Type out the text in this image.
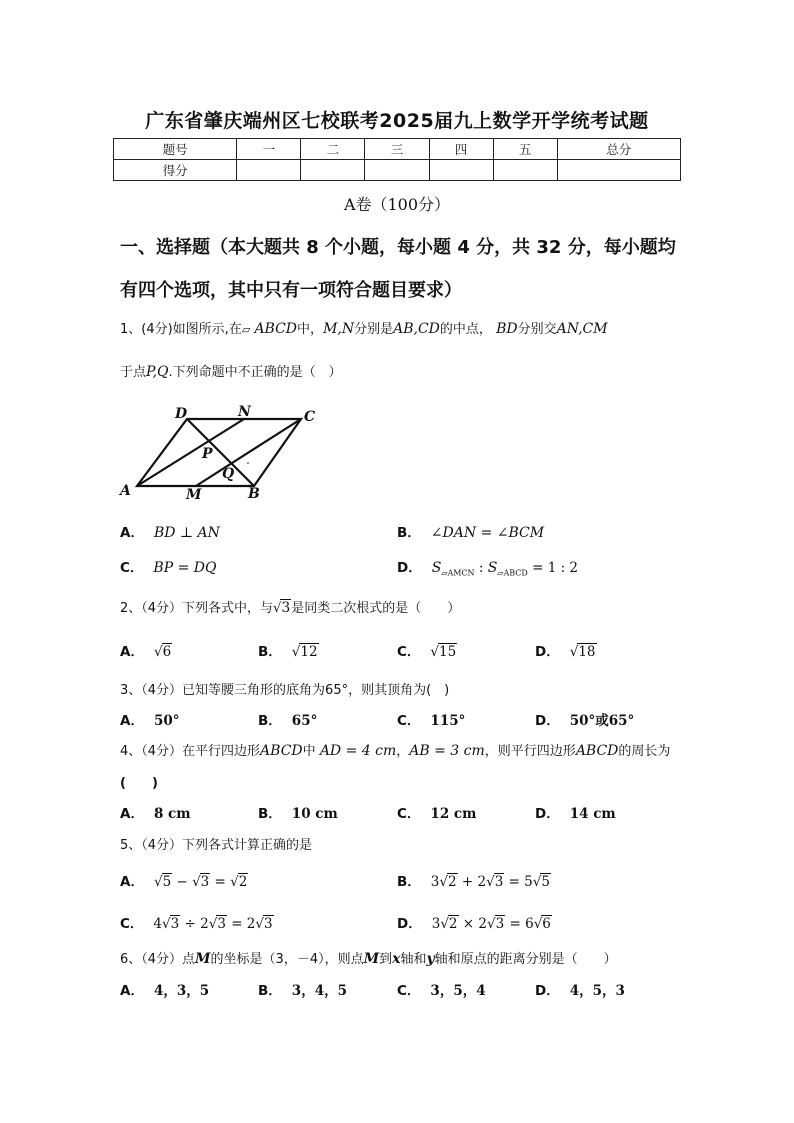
广东省肇庆端州区七校联考2025届九上数学开学统考试题
题号	一	二	三	四	五	总分
得分						
A卷（100分）
一、选择题（本大题共 8 个小题，每小题 4 分，共 32 分，每小题均
有四个选项，其中只有一项符合题目要求）
1、(4分)如图所示,在▱ ABCD中，M,N分别是AB,CD的中点， BD分别交AN,CM
于点P,Q.下列命题中不正确的是（　）
D	N	C
P
Q
A	M	B
A． BD ⊥ AN	B． ∠DAN = ∠BCM
C． BP = DQ	D． $S_{▱AMCN}$ : $S_{▱ABCD} = 1$ : 2
2、（4分）下列各式中，与√3是同类二次根式的是（　　）
A． √6	B． √12	C． √15	D． √18
3、（4分）已知等腰三角形的底角为65°，则其顶角为(　)
A． 50°	B． 65°	C． 115°	D． 50°或65°
4、（4分）在平行四边形ABCD中 AD = 4 cm，AB = 3 cm，则平行四边形ABCD的周长为
(　　)
A． 8 cm	B． 10 cm	C． 12 cm	D． 14 cm
5、（4分）下列各式计算正确的是
A． √5 − √3 = √2	B． 3√2 + 2√3 = 5√5
C． 4√3 ÷ 2√3 = 2√3	D． 3√2 × 2√3 = 6√6
6、（4分）点M的坐标是（3，－4），则点M到x轴和y轴和原点的距离分别是（　　）
A． 4，3，5	B． 3，4，5	C． 3，5，4	D． 4，5，3
